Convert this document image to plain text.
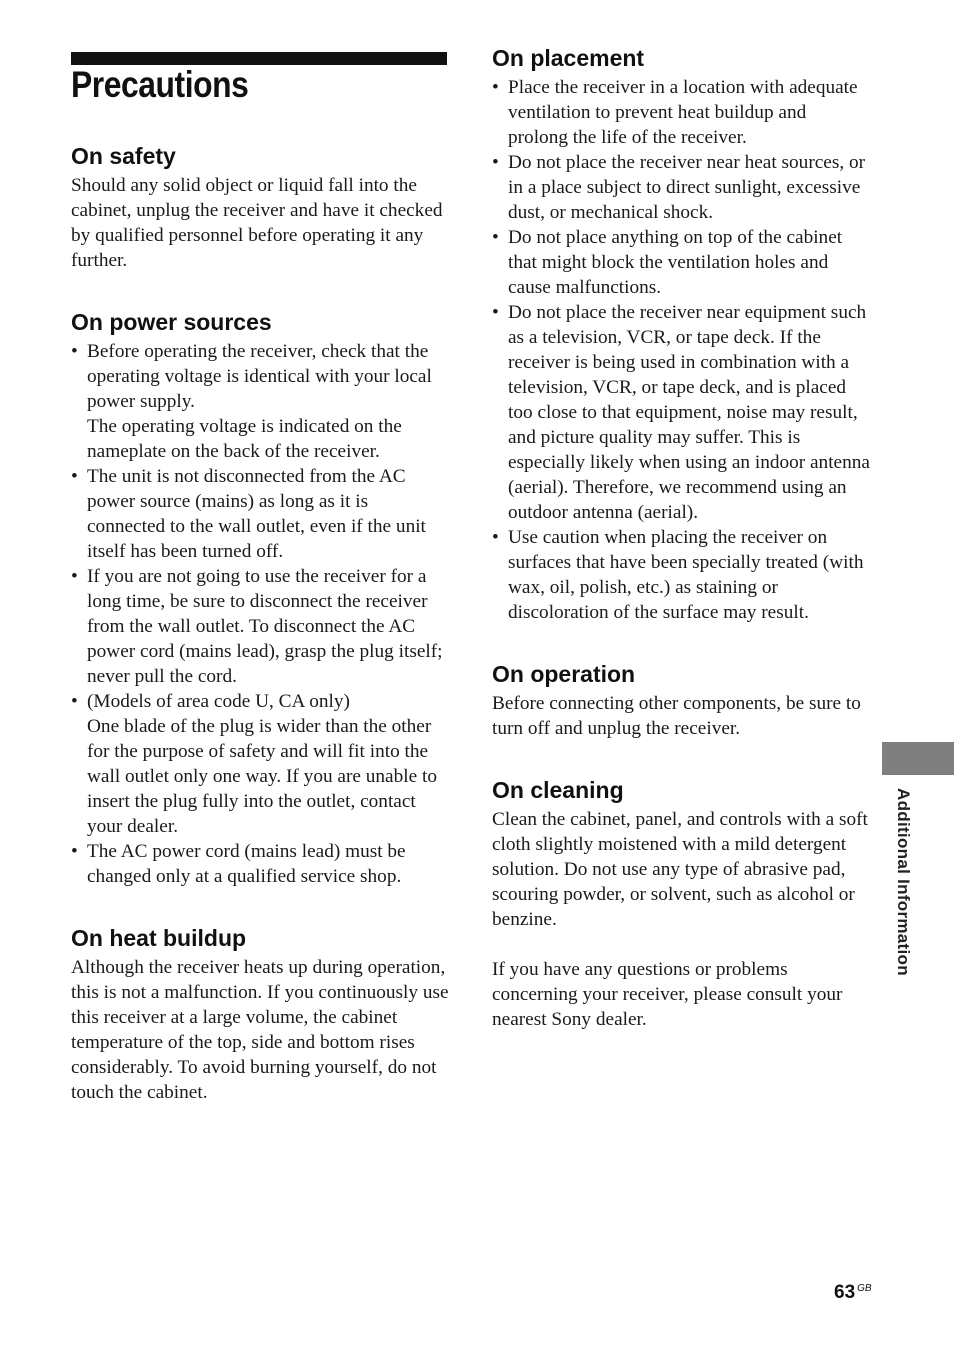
Precautions
On safety

Should any solid object or liquid fall into the cabinet, unplug the receiver and have it checked by qualified personnel before operating it any further.

On power sources
• Before operating the receiver, check that the operating voltage is identical with your local power supply.
The operating voltage is indicated on the nameplate on the back of the receiver.
• The unit is not disconnected from the AC power source (mains) as long as it is connected to the wall outlet, even if the unit itself has been turned off.
• If you are not going to use the receiver for a long time, be sure to disconnect the receiver from the wall outlet. To disconnect the AC power cord (mains lead), grasp the plug itself; never pull the cord.
• (Models of area code U, CA only)
One blade of the plug is wider than the other for the purpose of safety and will fit into the wall outlet only one way. If you are unable to insert the plug fully into the outlet, contact your dealer.
• The AC power cord (mains lead) must be changed only at a qualified service shop.
On heat buildup

Although the receiver heats up during operation, this is not a malfunction. If you continuously use this receiver at a large volume, the cabinet temperature of the top, side and bottom rises considerably. To avoid burning yourself, do not touch the cabinet.

On placement
• Place the receiver in a location with adequate ventilation to prevent heat buildup and prolong the life of the receiver.
• Do not place the receiver near heat sources, or in a place subject to direct sunlight, excessive dust, or mechanical shock.
• Do not place anything on top of the cabinet that might block the ventilation holes and cause malfunctions.
• Do not place the receiver near equipment such as a television, VCR, or tape deck. If the receiver is being used in combination with a television, VCR, or tape deck, and is placed too close to that equipment, noise may result, and picture quality may suffer. This is especially likely when using an indoor antenna (aerial). Therefore, we recommend using an outdoor antenna (aerial).
• Use caution when placing the receiver on surfaces that have been specially treated (with wax, oil, polish, etc.) as staining or discoloration of the surface may result.
On operation

Before connecting other components, be sure to turn off and unplug the receiver.

On cleaning

Clean the cabinet, panel, and controls with a soft cloth slightly moistened with a mild detergent solution. Do not use any type of abrasive pad, scouring powder, or solvent, such as alcohol or benzine.

If you have any questions or problems concerning your receiver, please consult your nearest Sony dealer.

Additional Information
63 $^{GB}$
